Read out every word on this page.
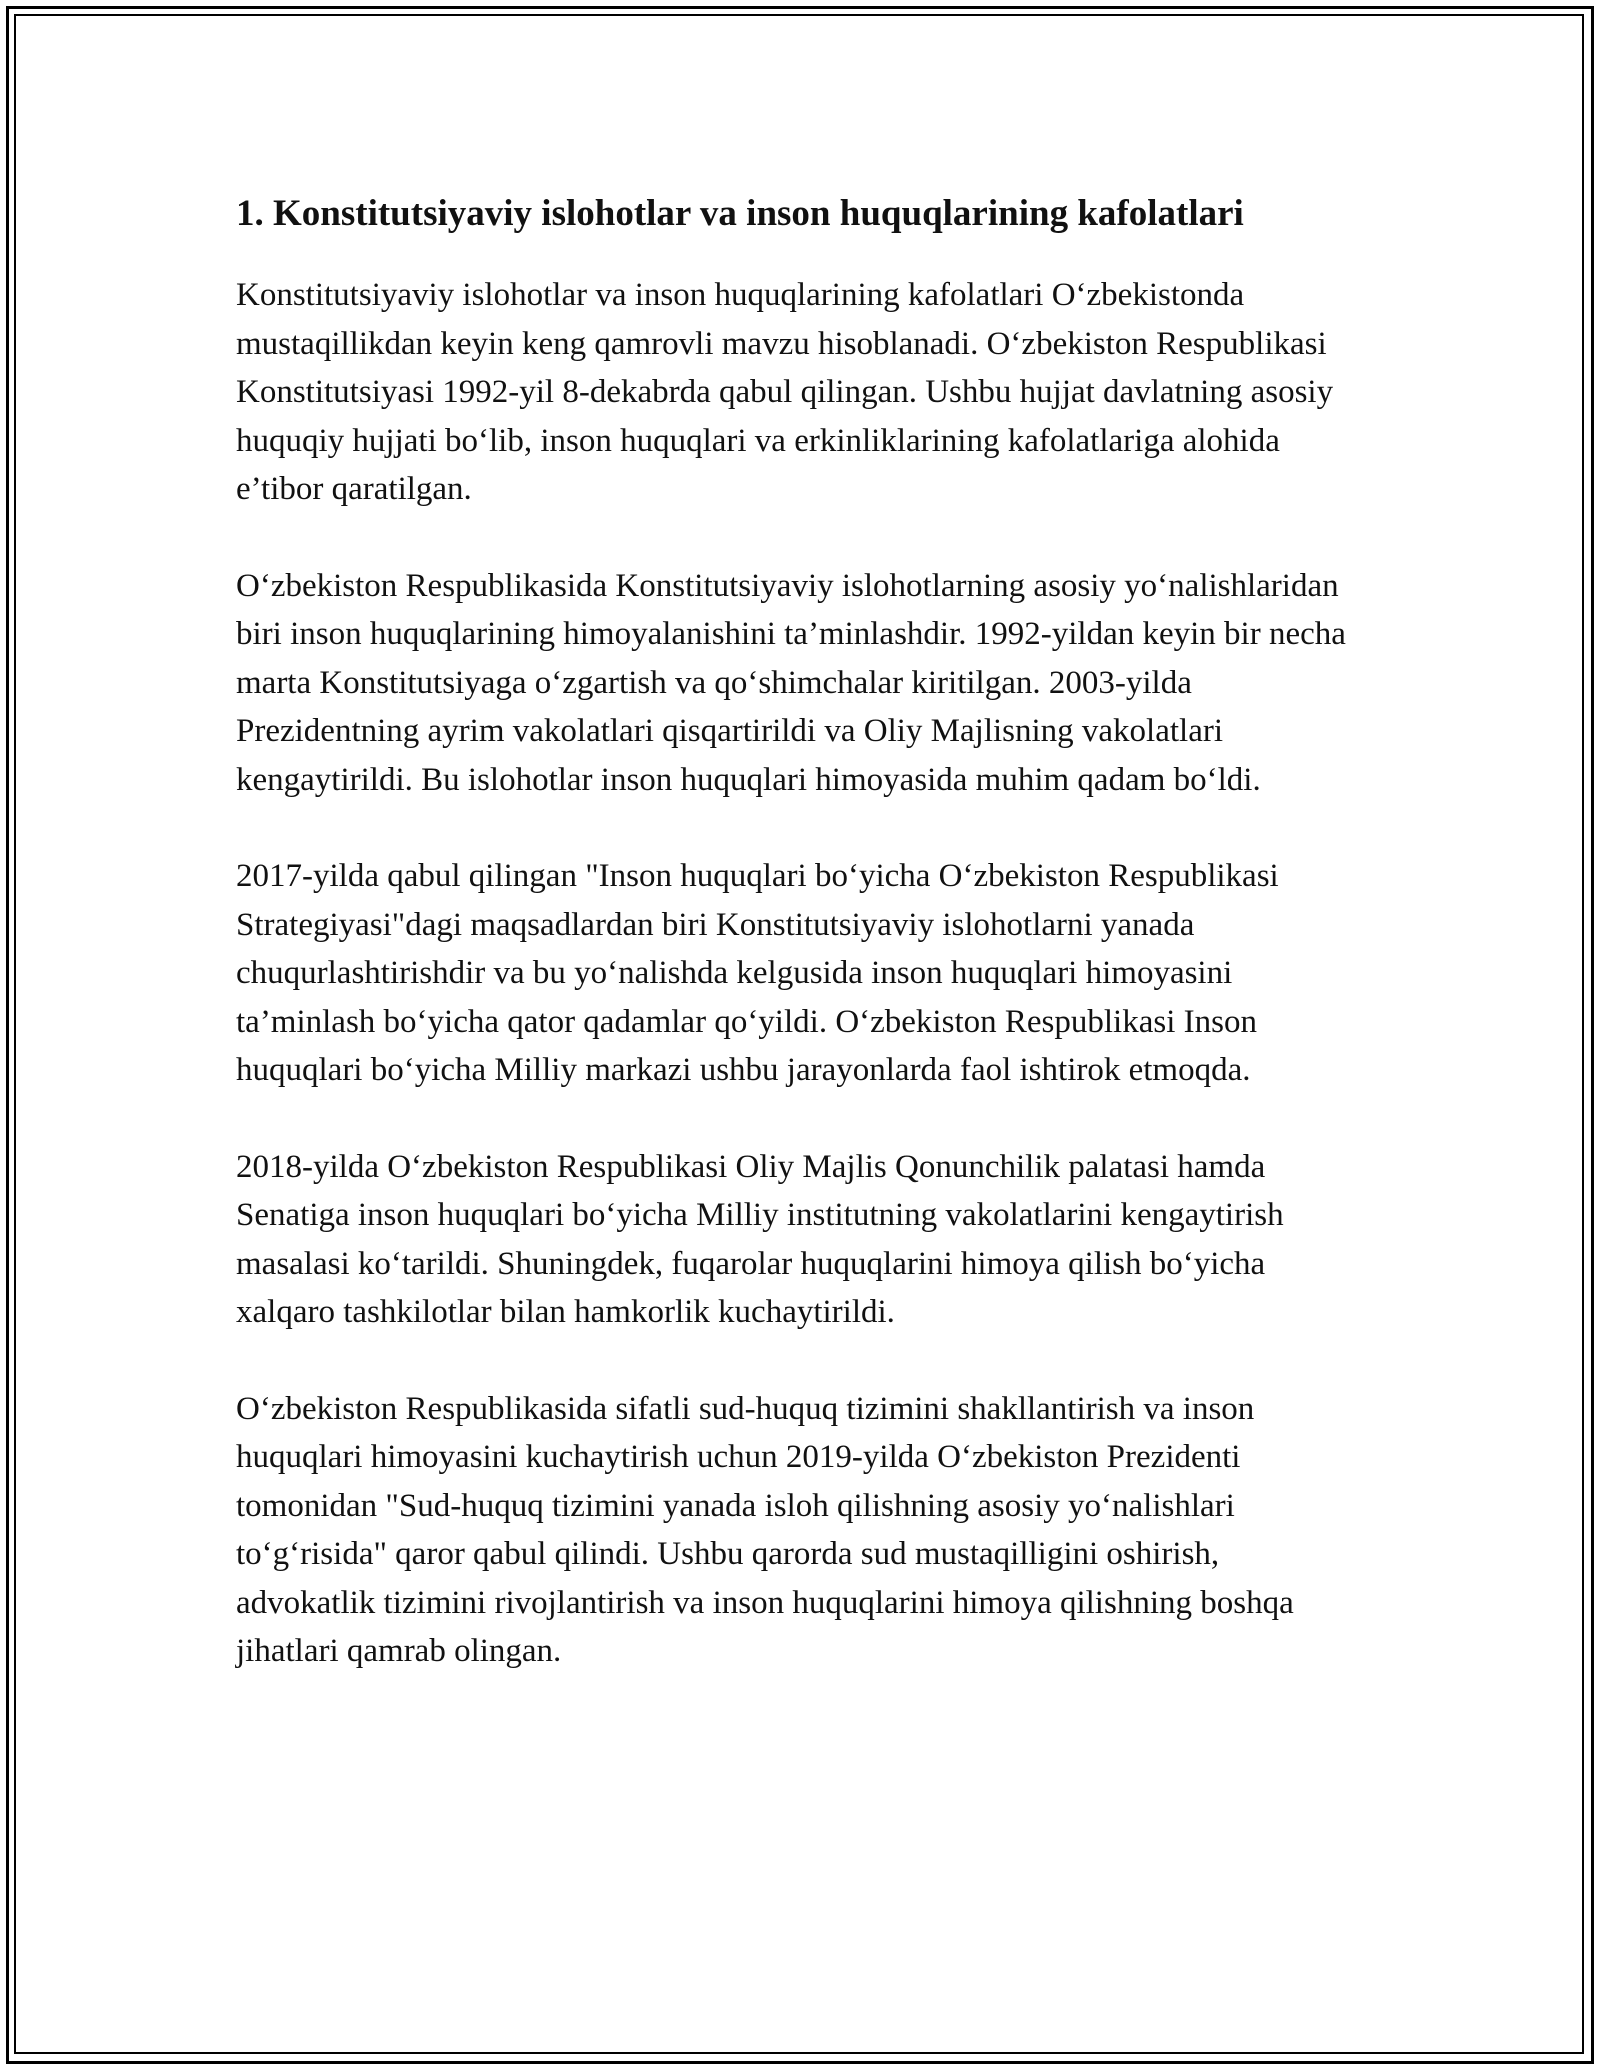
1. Konstitutsiyaviy islohotlar va inson huquqlarining kafolatlari

Konstitutsiyaviy islohotlar va inson huquqlarining kafolatlari O‘zbekistonda mustaqillikdan keyin keng qamrovli mavzu hisoblanadi. O‘zbekiston Respublikasi Konstitutsiyasi 1992-yil 8-dekabrda qabul qilingan. Ushbu hujjat davlatning asosiy huquqiy hujjati bo‘lib, inson huquqlari va erkinliklarining kafolatlariga alohida e’tibor qaratilgan.

O‘zbekiston Respublikasida Konstitutsiyaviy islohotlarning asosiy yo‘nalishlaridan biri inson huquqlarining himoyalanishini ta’minlashdir. 1992-yildan keyin bir necha marta Konstitutsiyaga o‘zgartish va qo‘shimchalar kiritilgan. 2003-yilda Prezidentning ayrim vakolatlari qisqartirildi va Oliy Majlisning vakolatlari kengaytirildi. Bu islohotlar inson huquqlari himoyasida muhim qadam bo‘ldi.

2017-yilda qabul qilingan "Inson huquqlari bo‘yicha O‘zbekiston Respublikasi Strategiyasi"dagi maqsadlardan biri Konstitutsiyaviy islohotlarni yanada chuqurlashtirishdir va bu yo‘nalishda kelgusida inson huquqlari himoyasini ta’minlash bo‘yicha qator qadamlar qo‘yildi. O‘zbekiston Respublikasi Inson huquqlari bo‘yicha Milliy markazi ushbu jarayonlarda faol ishtirok etmoqda.

2018-yilda O‘zbekiston Respublikasi Oliy Majlis Qonunchilik palatasi hamda Senatiga inson huquqlari bo‘yicha Milliy institutning vakolatlarini kengaytirish masalasi ko‘tarildi. Shuningdek, fuqarolar huquqlarini himoya qilish bo‘yicha xalqaro tashkilotlar bilan hamkorlik kuchaytirildi.

O‘zbekiston Respublikasida sifatli sud-huquq tizimini shakllantirish va inson huquqlari himoyasini kuchaytirish uchun 2019-yilda O‘zbekiston Prezidenti tomonidan "Sud-huquq tizimini yanada isloh qilishning asosiy yo‘nalishlari to‘g‘risida" qaror qabul qilindi. Ushbu qarorda sud mustaqilligini oshirish, advokatlik tizimini rivojlantirish va inson huquqlarini himoya qilishning boshqa jihatlari qamrab olingan.
